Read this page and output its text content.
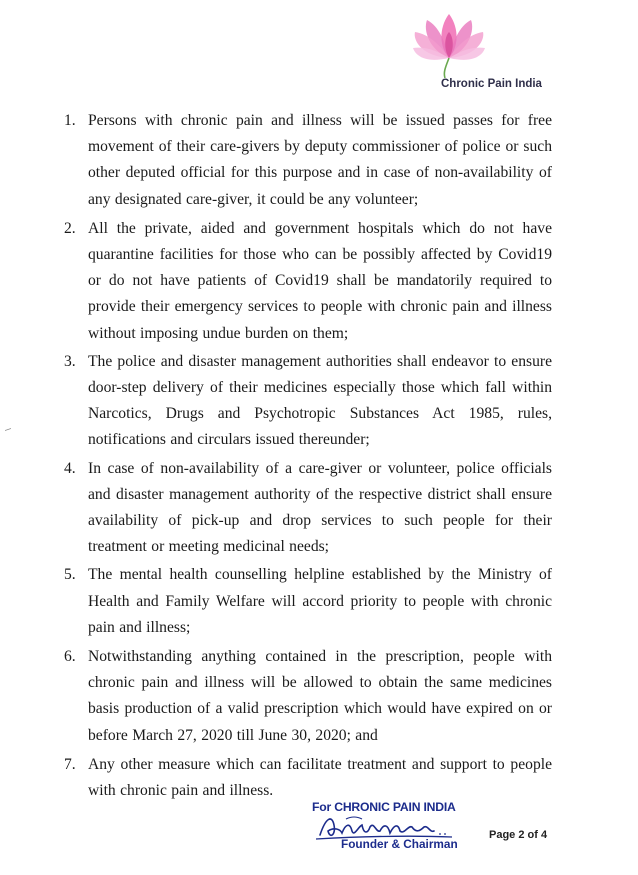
Chronic Pain India
1. Persons with chronic pain and illness will be issued passes for free movement of their care-givers by deputy commissioner of police or such other deputed official for this purpose and in case of non-availability of any designated care-giver, it could be any volunteer;
2. All the private, aided and government hospitals which do not have quarantine facilities for those who can be possibly affected by Covid19 or do not have patients of Covid19 shall be mandatorily required to provide their emergency services to people with chronic pain and illness without imposing undue burden on them;
3. The police and disaster management authorities shall endeavor to ensure door-step delivery of their medicines especially those which fall within Narcotics, Drugs and Psychotropic Substances Act 1985, rules, notifications and circulars issued thereunder;
4. In case of non-availability of a care-giver or volunteer, police officials and disaster management authority of the respective district shall ensure availability of pick-up and drop services to such people for their treatment or meeting medicinal needs;
5. The mental health counselling helpline established by the Ministry of Health and Family Welfare will accord priority to people with chronic pain and illness;
6. Notwithstanding anything contained in the prescription, people with chronic pain and illness will be allowed to obtain the same medicines basis production of a valid prescription which would have expired on or before March 27, 2020 till June 30, 2020; and
7. Any other measure which can facilitate treatment and support to people with chronic pain and illness.
For CHRONIC PAIN INDIA
Founder & Chairman
Page 2 of 4
